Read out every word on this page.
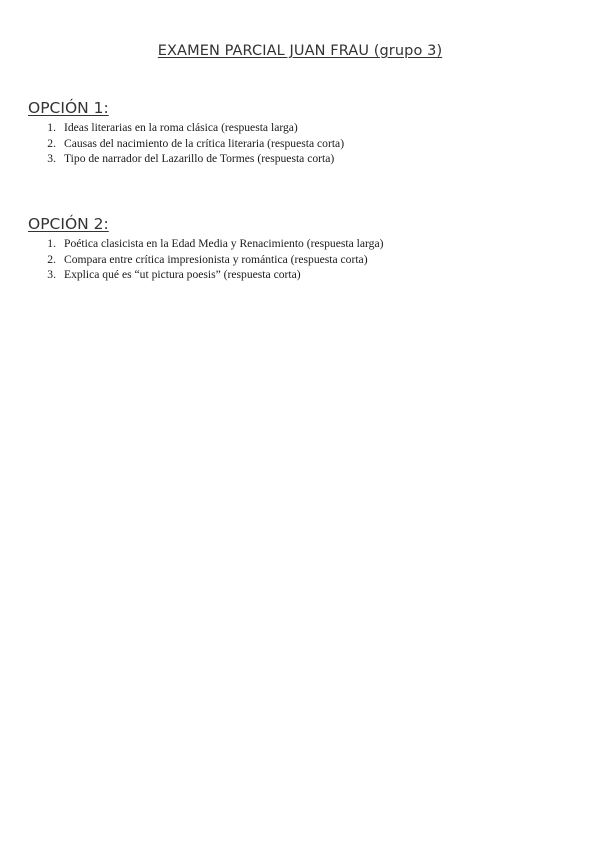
EXAMEN PARCIAL JUAN FRAU (grupo 3)
OPCIÓN 1:
1. Ideas literarias en la roma clásica (respuesta larga)
2. Causas del nacimiento de la crítica literaria (respuesta corta)
3. Tipo de narrador del Lazarillo de Tormes (respuesta corta)
OPCIÓN 2:
1. Poética clasicista en la Edad Media y Renacimiento (respuesta larga)
2. Compara entre crítica impresionista y romántica (respuesta corta)
3. Explica qué es “ut pictura poesis” (respuesta corta)
